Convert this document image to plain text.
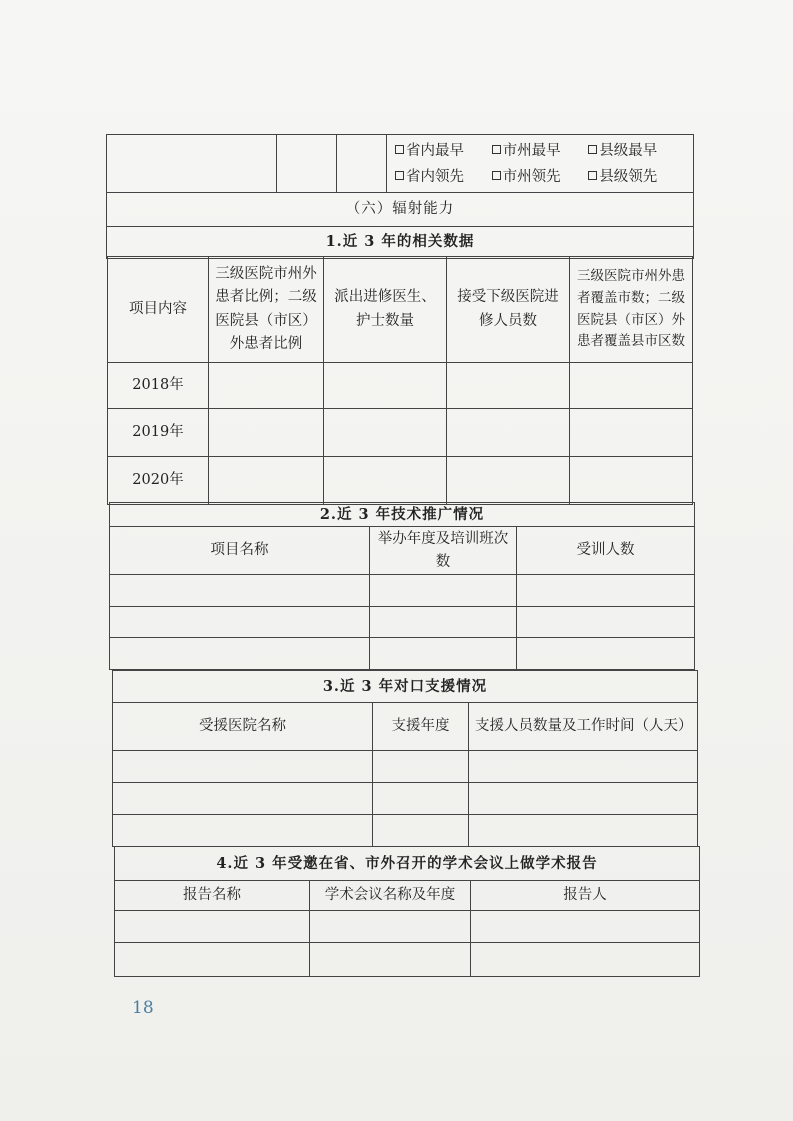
省内最早	市州最早	县级最早
省内领先	市州领先	县级领先

（六）辐射能力
1.近 3 年的相关数据
项目内容	三级医院市州外患者比例；二级医院县（市区）外患者比例	派出进修医生、护士数量	接受下级医院进修人员数	三级医院市州外患者覆盖市数；二级医院县（市区）外患者覆盖县市区数
2018年				
2019年				
2020年				
2.近 3 年技术推广情况		
项目名称	举办年度及培训班次数	受训人数

3.近 3 年对口支援情况		
受援医院名称	支援年度	支援人员数量及工作时间（人天）

4.近 3 年受邀在省、市外召开的学术会议上做学术报告		
报告名称	学术会议名称及年度	报告人

18
